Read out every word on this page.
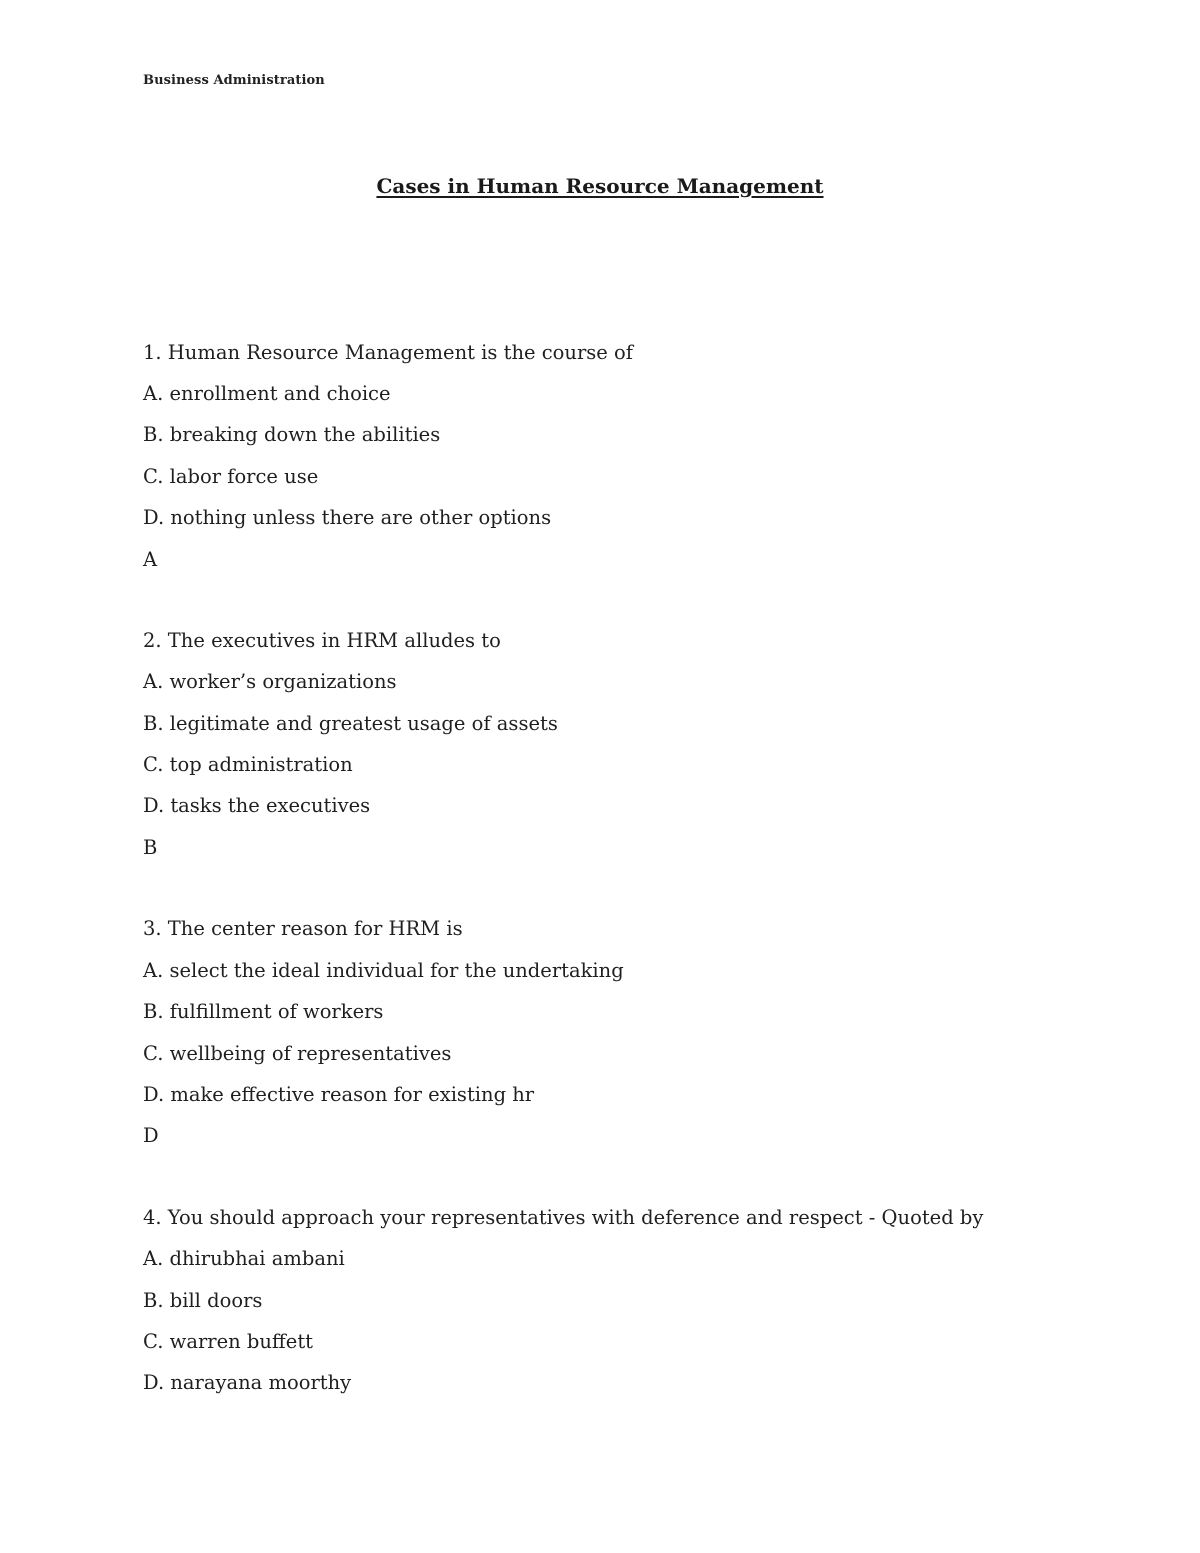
Business Administration
Cases in Human Resource Management
1. Human Resource Management is the course of
A. enrollment and choice
B. breaking down the abilities
C. labor force use
D. nothing unless there are other options
A
2. The executives in HRM alludes to
A. worker’s organizations
B. legitimate and greatest usage of assets
C. top administration
D. tasks the executives
B
3. The center reason for HRM is
A. select the ideal individual for the undertaking
B. fulfillment of workers
C. wellbeing of representatives
D. make effective reason for existing hr
D
4. You should approach your representatives with deference and respect - Quoted by
A. dhirubhai ambani
B. bill doors
C. warren buffett
D. narayana moorthy
